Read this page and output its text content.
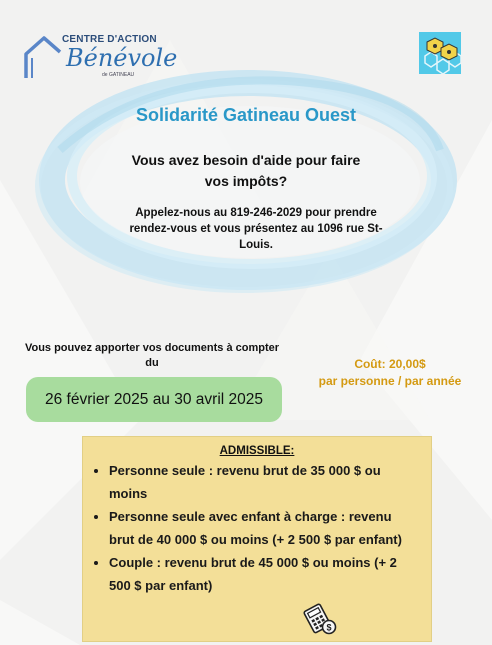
CENTRE D'ACTION
Bénévole
de GATINEAU
Solidarité Gatineau Ouest
Vous avez besoin d'aide pour faire vos impôts?
Appelez-nous au 819-246-2029 pour prendre rendez-vous et vous présentez au 1096 rue St-Louis.
Vous pouvez apporter vos documents à compter du
26 février 2025 au 30 avril 2025
Coût: 20,00$
par personne / par année
ADMISSIBLE:
• Personne seule : revenu brut de 35 000 $ ou moins
• Personne seule avec enfant à charge : revenu brut de 40 000 $ ou moins (+ 2 500 $ par enfant)
• Couple : revenu brut de 45 000 $ ou moins (+ 2 500 $ par enfant)
$
